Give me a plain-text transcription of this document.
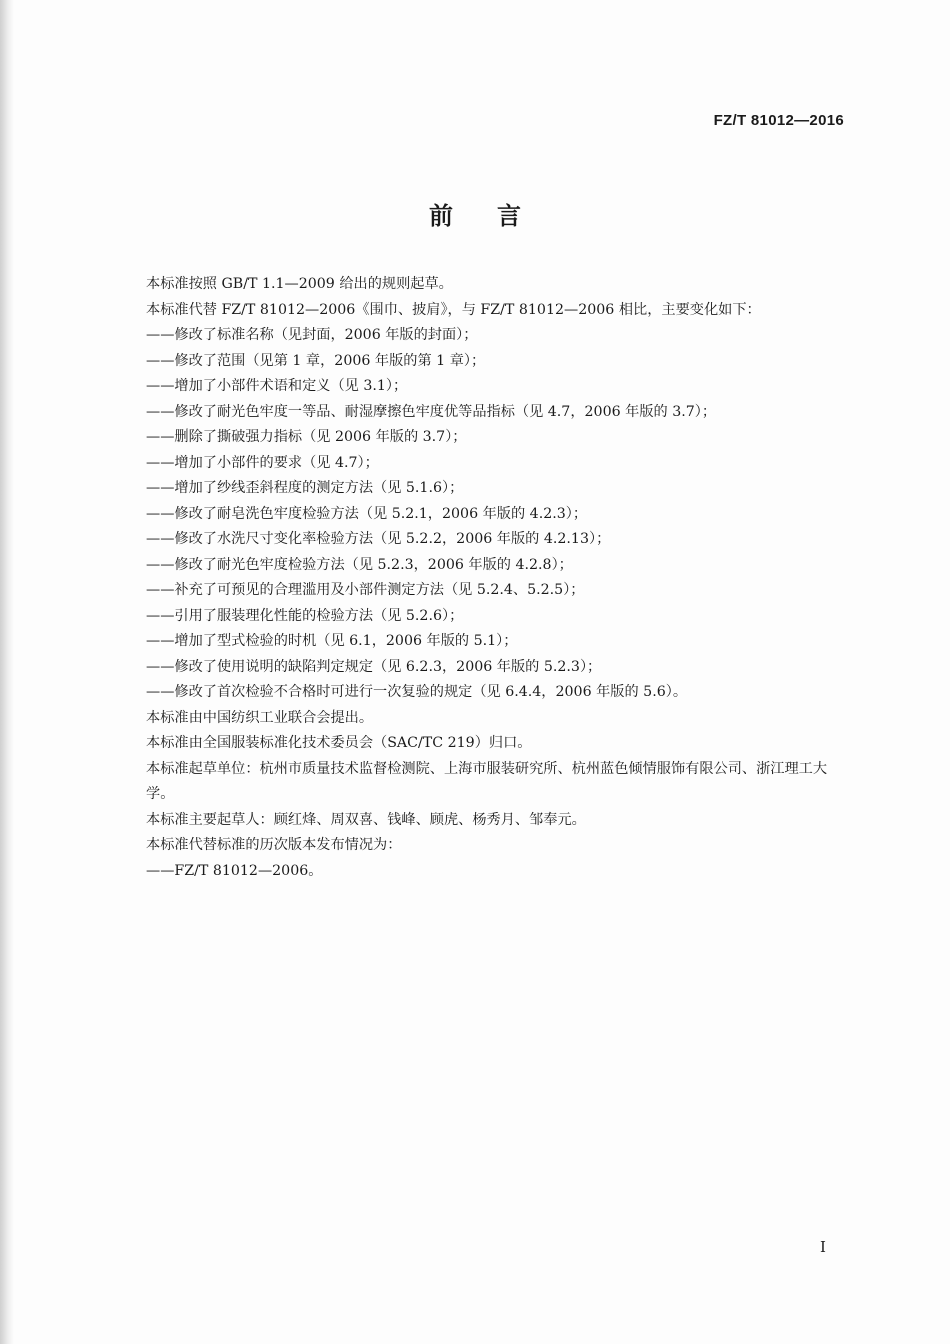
FZ/T 81012—2016
前言
本标准按照 GB/T 1.1—2009 给出的规则起草。
本标准代替 FZ/T 81012—2006《围巾、披肩》，与 FZ/T 81012—2006 相比，主要变化如下：
——修改了标准名称（见封面，2006 年版的封面）；
——修改了范围（见第 1 章，2006 年版的第 1 章）；
——增加了小部件术语和定义（见 3.1）；
——修改了耐光色牢度一等品、耐湿摩擦色牢度优等品指标（见 4.7，2006 年版的 3.7）；
——删除了撕破强力指标（见 2006 年版的 3.7）；
——增加了小部件的要求（见 4.7）；
——增加了纱线歪斜程度的测定方法（见 5.1.6）；
——修改了耐皂洗色牢度检验方法（见 5.2.1，2006 年版的 4.2.3）；
——修改了水洗尺寸变化率检验方法（见 5.2.2，2006 年版的 4.2.13）；
——修改了耐光色牢度检验方法（见 5.2.3，2006 年版的 4.2.8）；
——补充了可预见的合理滥用及小部件测定方法（见 5.2.4、5.2.5）；
——引用了服装理化性能的检验方法（见 5.2.6）；
——增加了型式检验的时机（见 6.1，2006 年版的 5.1）；
——修改了使用说明的缺陷判定规定（见 6.2.3，2006 年版的 5.2.3）；
——修改了首次检验不合格时可进行一次复验的规定（见 6.4.4，2006 年版的 5.6）。
本标准由中国纺织工业联合会提出。
本标准由全国服装标准化技术委员会（SAC/TC 219）归口。
本标准起草单位：杭州市质量技术监督检测院、上海市服装研究所、杭州蓝色倾情服饰有限公司、浙江理工大学。
本标准主要起草人：顾红烽、周双喜、钱峰、顾虎、杨秀月、邹奉元。
本标准代替标准的历次版本发布情况为：
——FZ/T 81012—2006。
I
